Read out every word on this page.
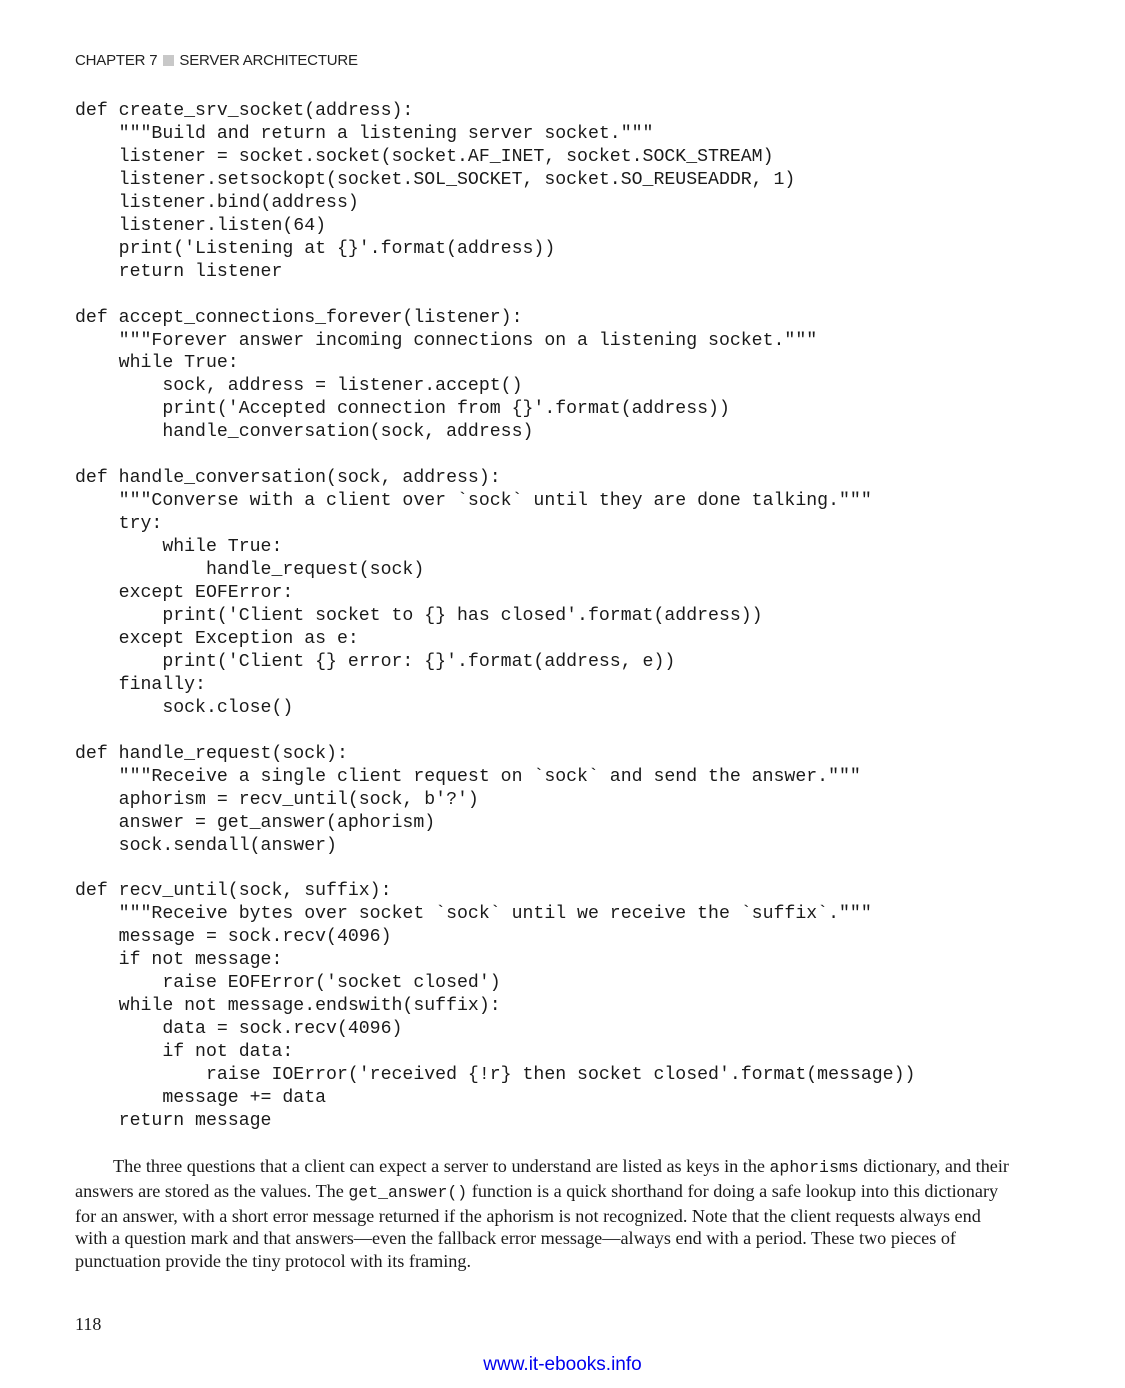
CHAPTER 7 SERVER ARCHITECTURE
def create_srv_socket(address):
"""Build and return a listening server socket."""
listener = socket.socket(socket.AF_INET, socket.SOCK_STREAM)
listener.setsockopt(socket.SOL_SOCKET, socket.SO_REUSEADDR, 1)
listener.bind(address)
listener.listen(64)
print('Listening at {}'.format(address))
return listener

def accept_connections_forever(listener):
"""Forever answer incoming connections on a listening socket."""
while True:
sock, address = listener.accept()
print('Accepted connection from {}'.format(address))
handle_conversation(sock, address)

def handle_conversation(sock, address):
"""Converse with a client over `sock` until they are done talking."""
try:
while True:
handle_request(sock)
except EOFError:
print('Client socket to {} has closed'.format(address))
except Exception as e:
print('Client {} error: {}'.format(address, e))
finally:
sock.close()

def handle_request(sock):
"""Receive a single client request on `sock` and send the answer."""
aphorism = recv_until(sock, b'?')
answer = get_answer(aphorism)
sock.sendall(answer)

def recv_until(sock, suffix):
"""Receive bytes over socket `sock` until we receive the `suffix`."""
message = sock.recv(4096)
if not message:
raise EOFError('socket closed')
while not message.endswith(suffix):
data = sock.recv(4096)
if not data:
raise IOError('received {!r} then socket closed'.format(message))
message += data
return message

The three questions that a client can expect a server to understand are listed as keys in the aphorisms dictionary, and their answers are stored as the values. The get_answer() function is a quick shorthand for doing a safe lookup into this dictionary for an answer, with a short error message returned if the aphorism is not recognized. Note that the client requests always end with a question mark and that answers—even the fallback error message—always end with a period. These two pieces of punctuation provide the tiny protocol with its framing.

118
www.it-ebooks.info
